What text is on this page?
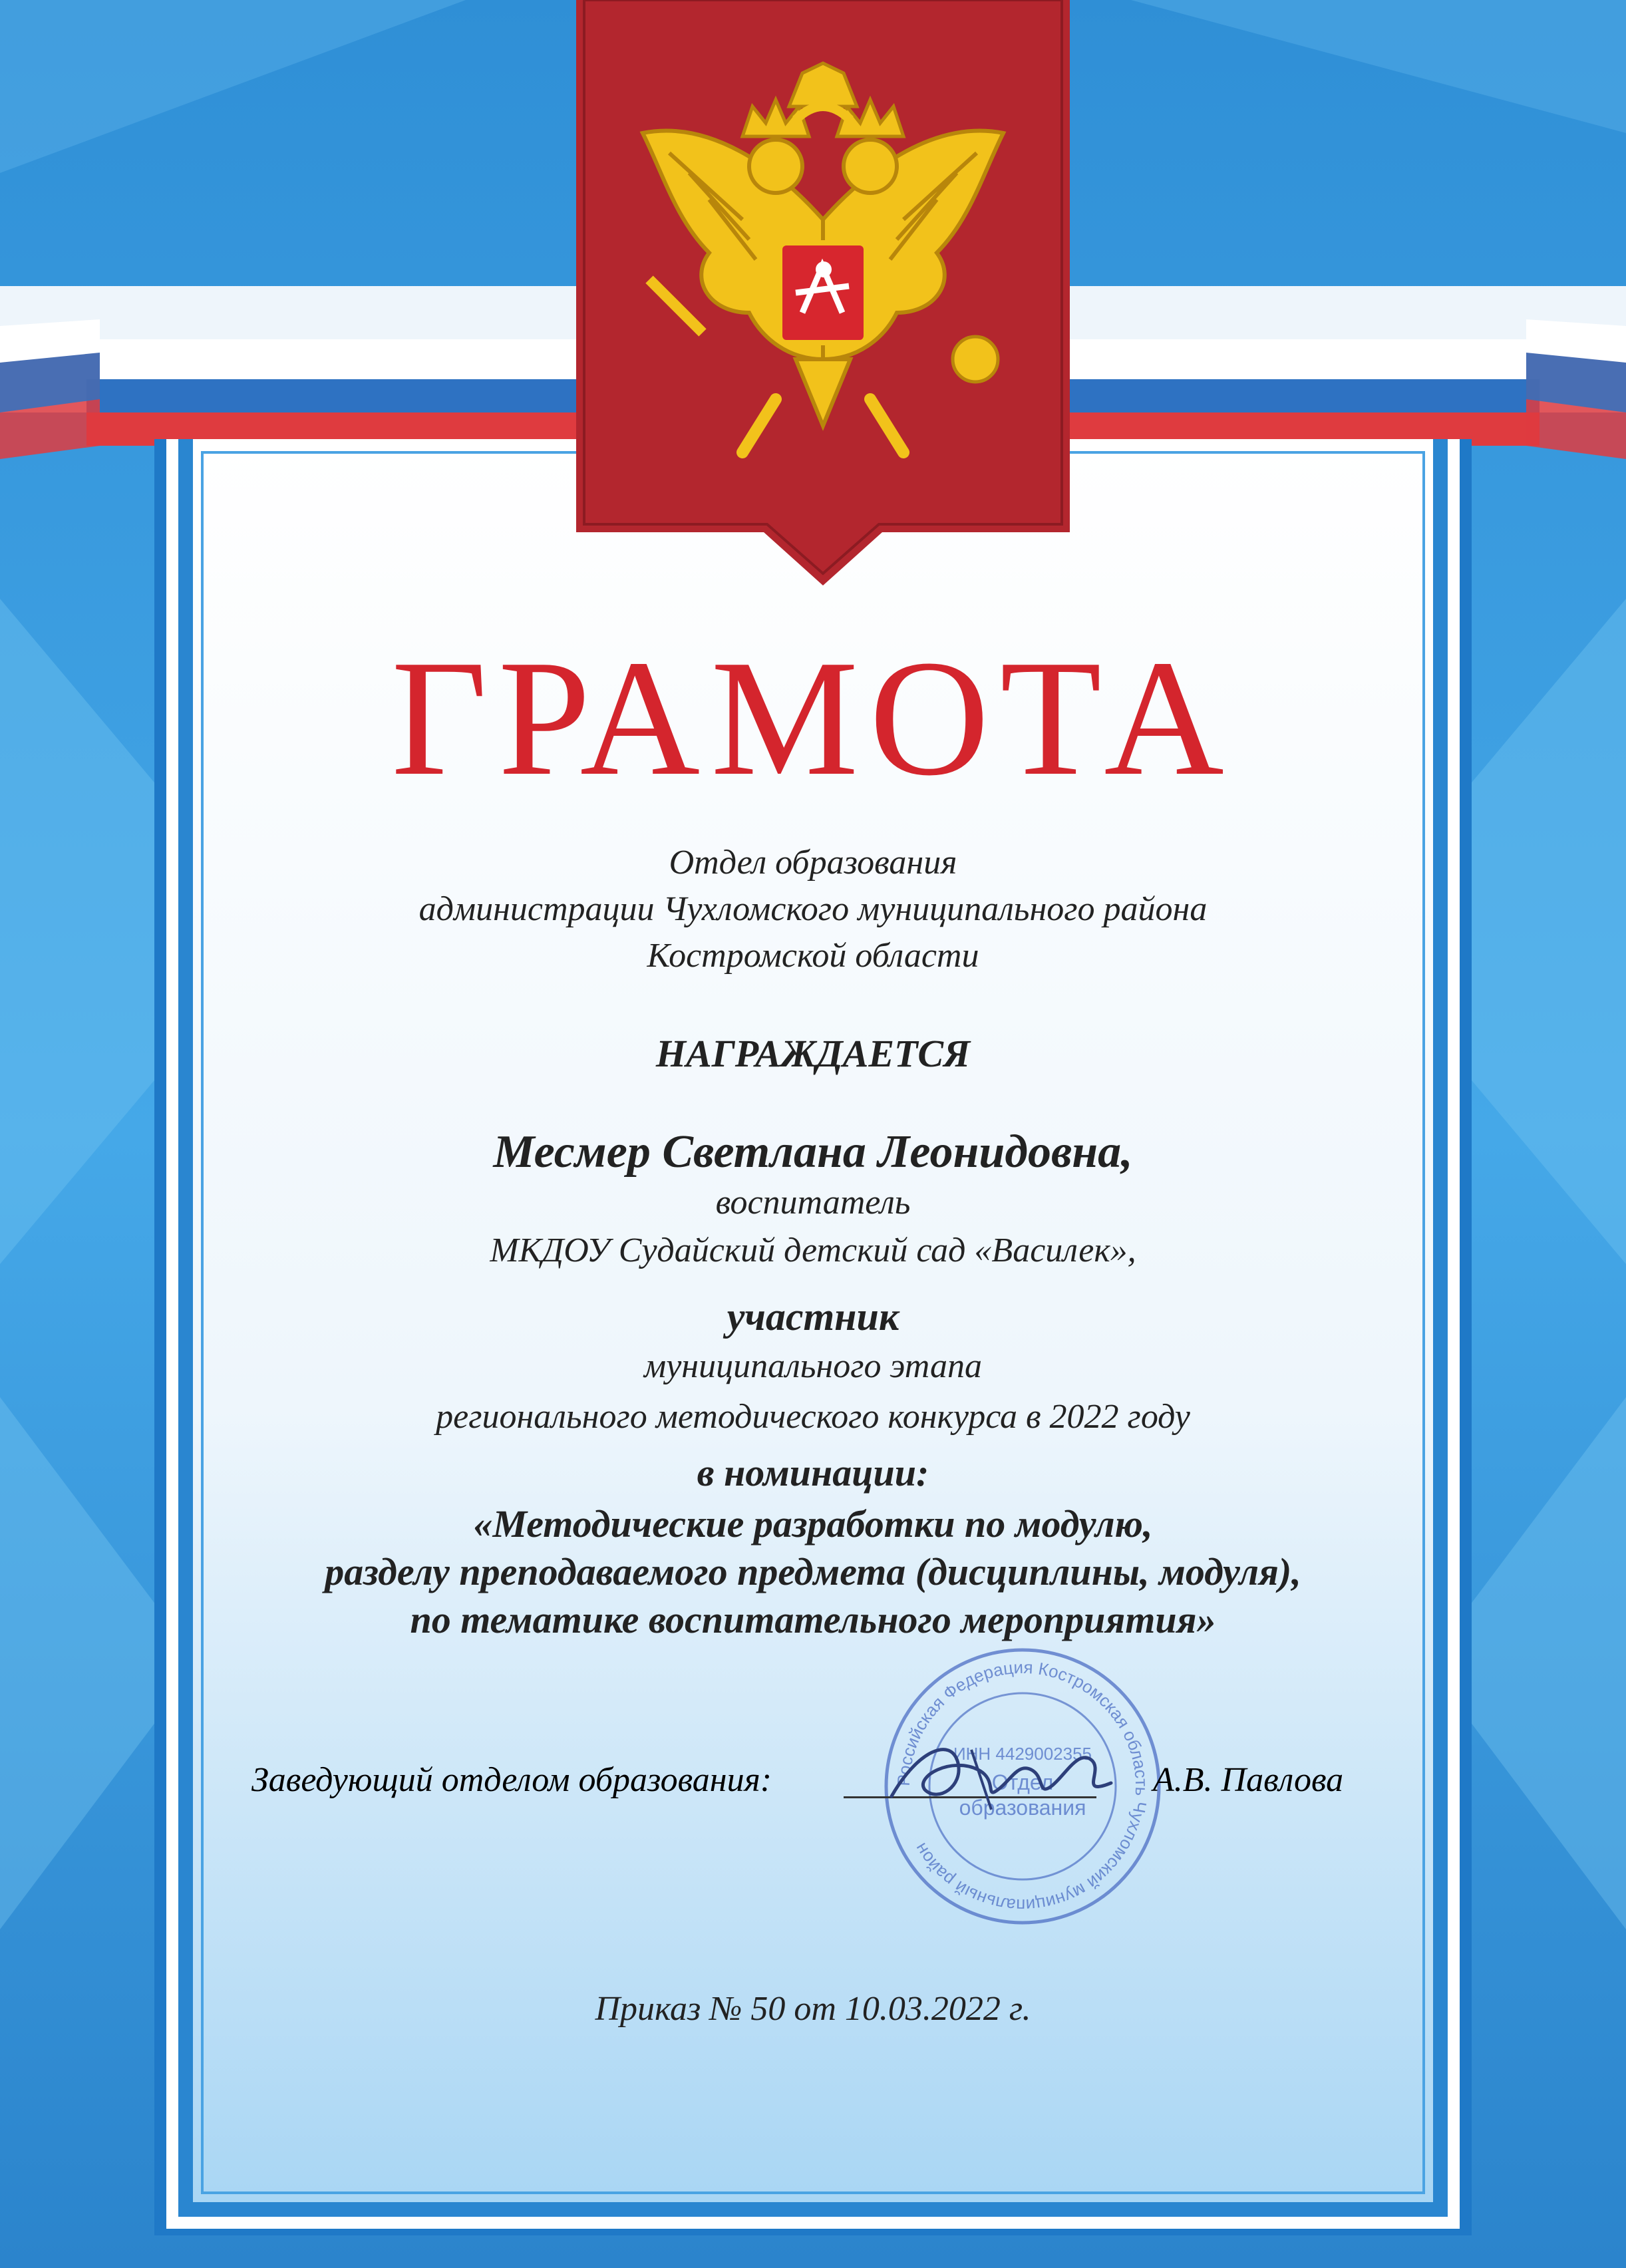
ГРАМОТА
Отдел образования
администрации Чухломского муниципального района
Костромской области
НАГРАЖДАЕТСЯ
Месмер Светлана Леонидовна,
воспитатель
МКДОУ Судайский детский сад «Василек»,
участник
муниципального этапа
регионального методического конкурса в 2022 году
в номинации:
«Методические разработки по модулю,
разделу преподаваемого предмета (дисциплины, модуля),
по тематике воспитательного мероприятия»
Российская Федерация Костромская область Чухломский муниципальный район
ИНН 4429002355
Отдел
образования
Заведующий отделом образования:	А.В. Павлова
Приказ № 50 от 10.03.2022 г.
